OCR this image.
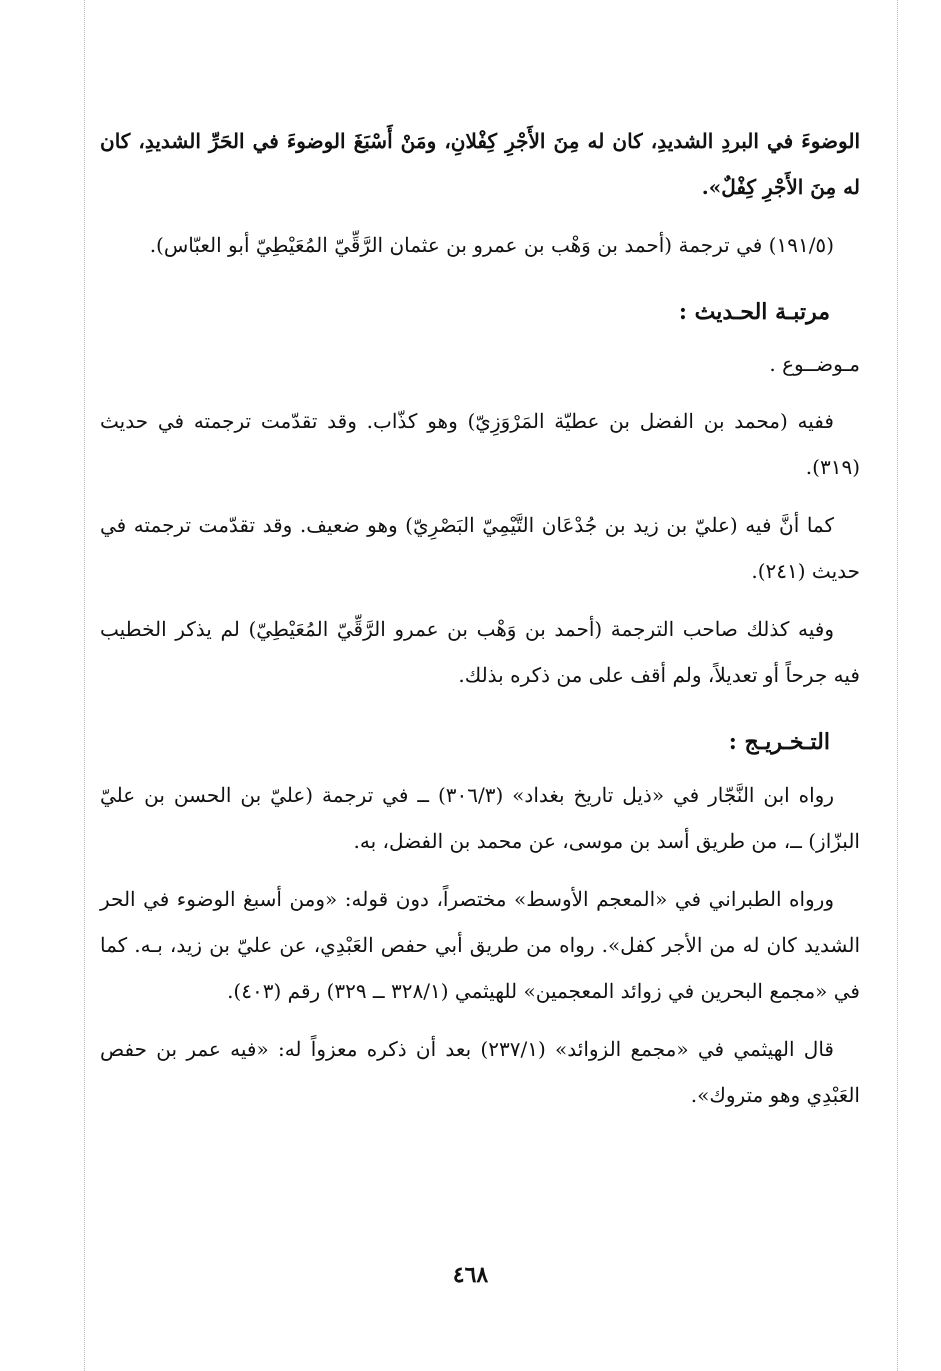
الوضوءَ في البردِ الشديدِ، كان له مِنَ الأَجْرِ كِفْلانِ، ومَنْ أَسْبَغَ الوضوءَ في الحَرِّ الشديدِ، كان له مِنَ الأَجْرِ كِفْلٌ».

(١٩١/٥) في ترجمة (أحمد بن وَهْب بن عمرو بن عثمان الرَّقِّيّ المُعَيْطِيّ أبو العبّاس).

مرتبـة الحـديث :

مـوضــوع .

ففيه (محمد بن الفضل بن عطيّة المَرْوَزِيّ) وهو كذّاب. وقد تقدّمت ترجمته في حديث (٣١٩).

كما أنَّ فيه (عليّ بن زيد بن جُدْعَان التَّيْمِيّ البَصْرِيّ) وهو ضعيف. وقد تقدّمت ترجمته في حديث (٢٤١).

وفيه كذلك صاحب الترجمة (أحمد بن وَهْب بن عمرو الرَّقِّيّ المُعَيْطِيّ) لم يذكر الخطيب فيه جرحاً أو تعديلاً، ولم أقف على من ذكره بذلك.

التـخـريـج :

رواه ابن النَّجّار في «ذيل تاريخ بغداد» (٣٠٦/٣) ــ في ترجمة (عليّ بن الحسن بن عليّ البزّاز) ــ، من طريق أسد بن موسى، عن محمد بن الفضل، به.

ورواه الطبراني في «المعجم الأوسط» مختصراً، دون قوله: «ومن أسبغ الوضوء في الحر الشديد كان له من الأجر كفل». رواه من طريق أبي حفص العَبْدِي، عن عليّ بن زيد، بـه. كما في «مجمع البحرين في زوائد المعجمين» للهيثمي (٣٢٨/١ ــ ٣٢٩) رقم (٤٠٣).

قال الهيثمي في «مجمع الزوائد» (٢٣٧/١) بعد أن ذكره معزواً له: «فيه عمر بن حفص العَبْدِي وهو متروك».

٤٦٨
